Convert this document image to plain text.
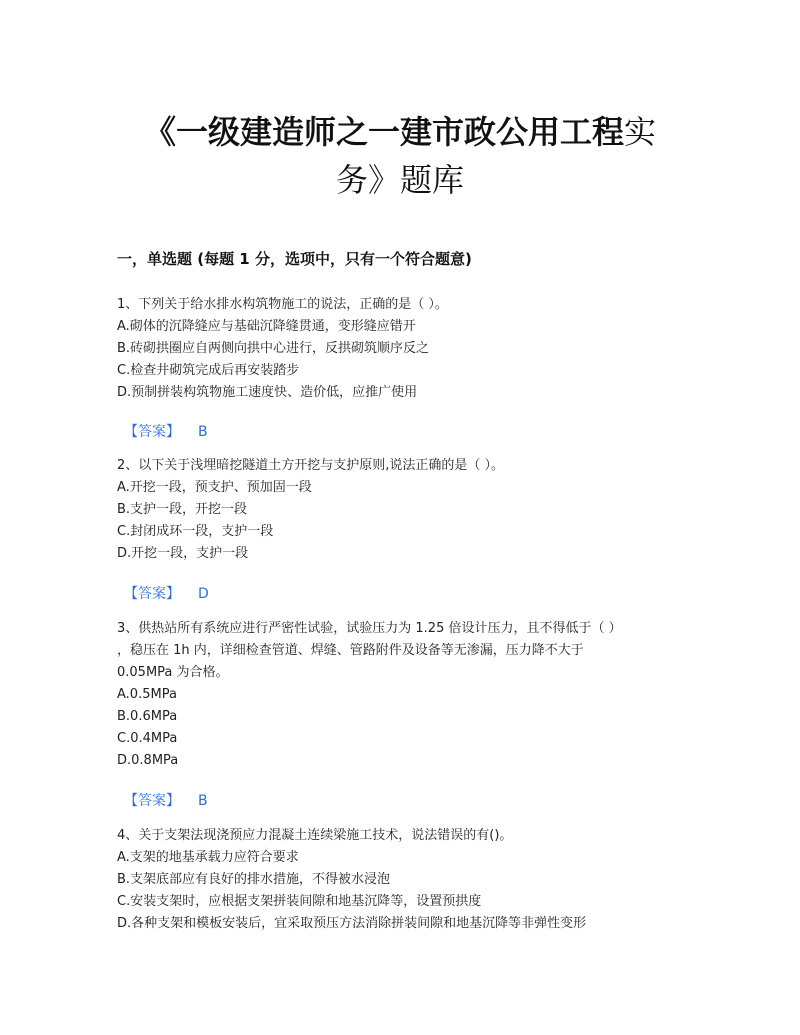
《一级建造师之一建市政公用工程实
务》题库
一，单选题 (每题 1 分，选项中，只有一个符合题意)
1、下列关于给水排水构筑物施工的说法，正确的是（ ）。
A.砌体的沉降缝应与基础沉降缝贯通，变形缝应错开
B.砖砌拱圈应自两侧向拱中心进行，反拱砌筑顺序反之
C.检查井砌筑完成后再安装踏步
D.预制拼装构筑物施工速度快、造价低，应推广使用
【答案】 B
2、以下关于浅埋暗挖隧道土方开挖与支护原则,说法正确的是（ ）。
A.开挖一段，预支护、预加固一段
B.支护一段，开挖一段
C.封闭成环一段，支护一段
D.开挖一段，支护一段
【答案】 D
3、供热站所有系统应进行严密性试验，试验压力为 1.25 倍设计压力，且不得低于（ ）
，稳压在 1h 内，详细检查管道、焊缝、管路附件及设备等无渗漏，压力降不大于
0.05MPa 为合格。
A.0.5MPa
B.0.6MPa
C.0.4MPa
D.0.8MPa
【答案】 B
4、关于支架法现浇预应力混凝土连续梁施工技术，说法错误的有()。
A.支架的地基承载力应符合要求
B.支架底部应有良好的排水措施，不得被水浸泡
C.安装支架时，应根据支架拼装间隙和地基沉降等，设置预拱度
D.各种支架和模板安装后，宜采取预压方法消除拼装间隙和地基沉降等非弹性变形
